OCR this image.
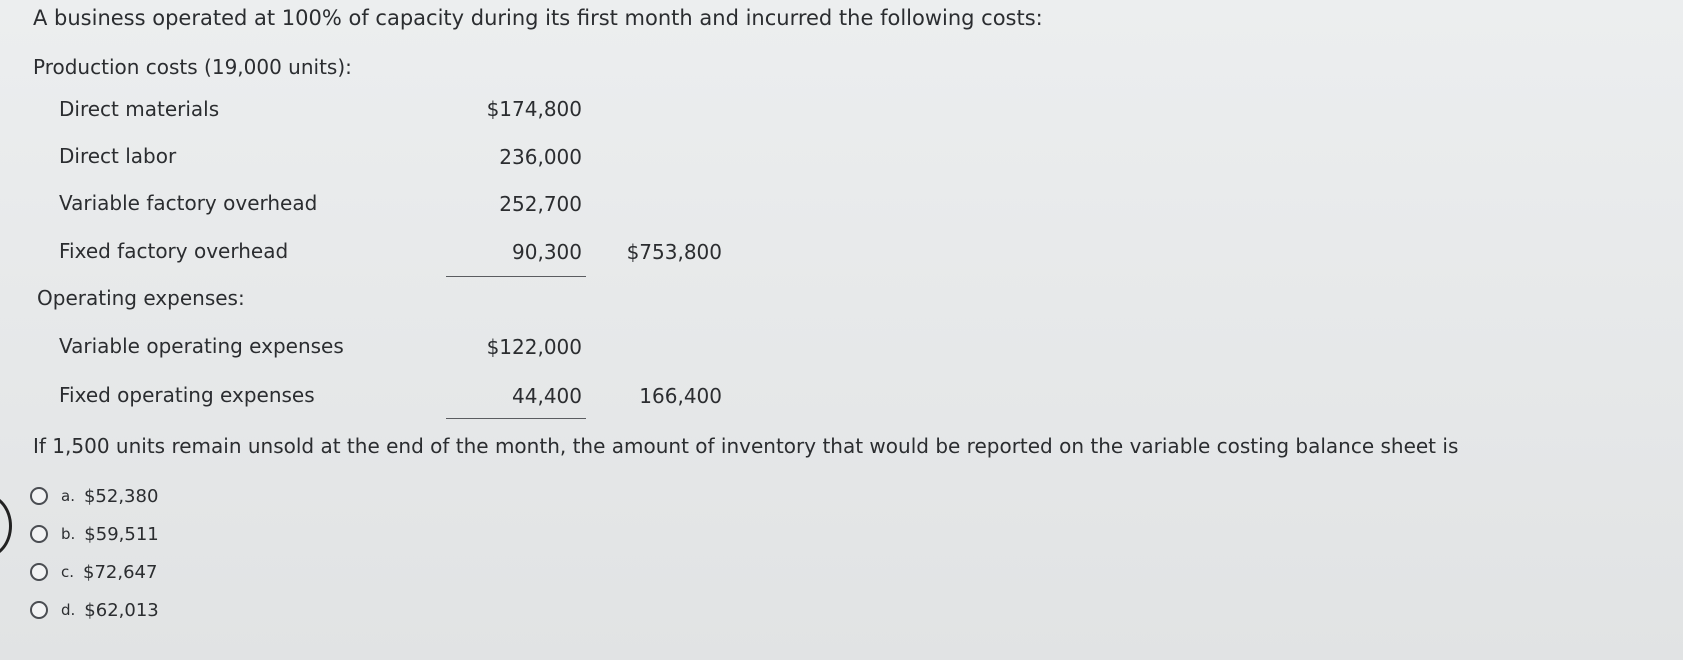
A business operated at 100% of capacity during its first month and incurred the following costs:
Production costs (19,000 units):
Direct materials	$174,800
Direct labor	236,000
Variable factory overhead	252,700
Fixed factory overhead	90,300	$753,800
Operating expenses:
Variable operating expenses	$122,000
Fixed operating expenses	44,400	166,400
If 1,500 units remain unsold at the end of the month, the amount of inventory that would be reported on the variable costing balance sheet is
a. $52,380
b. $59,511
c. $72,647
d. $62,013
